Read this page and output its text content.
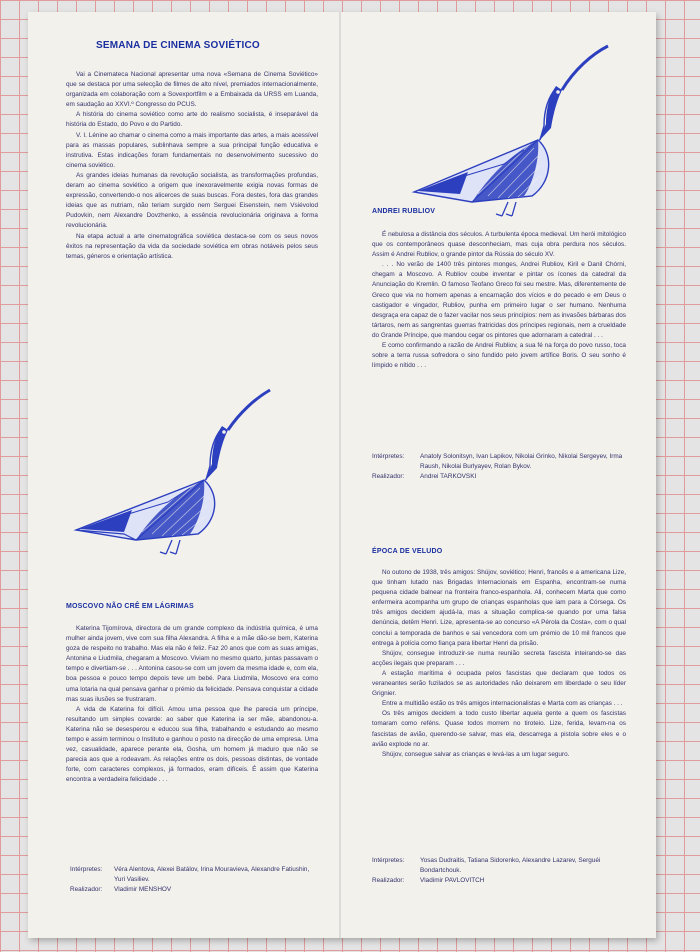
SEMANA DE CINEMA SOVIÉTICO

Vai a Cinemateca Nacional apresentar uma nova «Semana de Cinema Soviético» que se destaca por uma selecção de filmes de alto nível, premiados internacionalmente, organizada em colaboração com a Sovexportfilm e a Embaixada da URSS em Luanda, em saudação ao XXVI.º Congresso do PCUS.

A história do cinema soviético como arte do realismo socialista, é inseparável da história do Estado, do Povo e do Partido.

V. I. Lénine ao chamar o cinema como a mais importante das artes, a mais acessível para as massas populares, sublinhava sempre a sua principal função educativa e instrutiva. Estas indicações foram fundamentais no desenvolvimento sucessivo do cinema soviético.

As grandes ideias humanas da revolução socialista, as transformações profundas, deram ao cinema soviético a origem que inexoravelmente exigia novas formas de expressão, convertendo-o nos alicerces de suas buscas. Fora destes, fora das grandes ideias que as nutriam, não teriam surgido nem Serguei Eisenstein, nem Vsiévolod Pudovkin, nem Alexandre Dovzhenko, a essência revolucionária originava a forma revolucionária.

Na etapa actual a arte cinematográfica soviética destaca-se com os seus novos êxitos na representação da vida da sociedade soviética em obras notáveis pelos seus temas, géneros e orientação artística.

MOSCOVO NÃO CRÊ EM LÁGRIMAS

Katerina Tijomírova, directora de um grande complexo da indústria química, é uma mulher ainda jovem, vive com sua filha Alexandra. A filha e a mãe dão-se bem, Katerina goza de respeito no trabalho. Mas ela não é feliz. Faz 20 anos que com as suas amigas, Antonina e Liudmila, chegaram a Moscovo. Viviam no mesmo quarto, juntas passavam o tempo e divertiam-se . . . Antonina casou-se com um jovem da mesma idade e, com ela, boa pessoa e pouco tempo depois teve um bebé. Para Liudmila, Moscovo era como uma lotaria na qual pensava ganhar o prémio da felicidade. Pensava conquistar a cidade mas suas ilusões se frustraram.

A vida de Katerina foi difícil. Amou uma pessoa que lhe parecia um príncipe, resultando um simples covarde: ao saber que Katerina ia ser mãe, abandonou-a. Katerina não se desesperou e educou sua filha, trabalhando e estudando ao mesmo tempo e assim terminou o Instituto e ganhou o posto na direcção de uma empresa. Uma vez, casualidade, aparece perante ela, Gosha, um homem já maduro que não se parecia aos que a rodeavam. As relações entre os dois, pessoas distintas, de vontade forte, com caracteres complexos, já formados, eram difíceis. É assim que Katerina encontra a verdadeira felicidade . . .

Intérpretes:	Véra Alentova, Alexei Batálov, Irina Mouravieva, Alexandre Fatiushin, Yuri Vasiliev.
Realizador:	Vladimir MENSHOV
ANDREI RUBLIOV

É nebulosa a distância dos séculos. A turbulenta época medieval. Um herói mitológico que os contemporâneos quase desconheciam, mas cuja obra perdura nos séculos. Assim é Andrei Rubliov, o grande pintor da Rússia do século XV.

. . . No verão de 1400 três pintores monges, Andrei Rubliov, Kiril e Danil Chórni, chegam a Moscovo. A Rubliov coube inventar e pintar os ícones da catedral da Anunciação do Kremlin. O famoso Teofano Greco foi seu mestre. Mas, diferentemente de Greco que via no homem apenas a encarnação dos vícios e do pecado e em Deus o castigador e vingador, Rubliov, punha em primeiro lugar o ser humano. Nenhuma desgraça era capaz de o fazer vacilar nos seus princípios: nem as invasões bárbaras dos tártaros, nem as sangrentas guerras fratricidas dos príncipes regionais, nem a crueldade do Grande Príncipe, que mandou cegar os pintores que adornaram a catedral . . .

E como confirmando a razão de Andrei Rubliov, a sua fé na força do povo russo, toca sobre a terra russa sofredora o sino fundido pelo jovem artífice Boris. O seu sonho é límpido e nítido . . .

Intérpretes:	Anatoly Solonitsyn, Ivan Lapikov, Nikolai Grinko, Nikolai Sergeyev, Irma Raush, Nikolai Burlyayev, Rolan Bykov.
Realizador:	Andrei TARKOVSKI
ÉPOCA DE VELUDO

No outono de 1938, três amigos: Shújov, soviético; Henri, francês e a americana Lize, que tinham lutado nas Brigadas Internacionais em Espanha, encontram-se numa pequena cidade balnear na fronteira franco-espanhola. Ali, conhecem Marta que como enfermeira acompanha um grupo de crianças espanholas que iam para a Córsega. Os três amigos decidem ajudá-la, mas a situação complica-se quando por uma falsa denúncia, detêm Henri. Lize, apresenta-se ao concurso «A Pérola da Costa», com o qual conclui a temporada de banhos e sai vencedora com um prémio de 10 mil francos que entrega à polícia como fiança para libertar Henri da prisão.

Shújov, consegue introduzir-se numa reunião secreta fascista inteirando-se das acções ilegais que preparam . . .

A estação marítima é ocupada pelos fascistas que declaram que todos os veraneantes serão fuzilados se as autoridades não deixarem em liberdade o seu líder Grignier.

Entre a multidão estão os três amigos internacionalistas e Marta com as crianças . . .

Os três amigos decidem a todo custo libertar aquela gente a quem os fascistas tomaram como reféns. Quase todos morrem no tiroteio. Lize, ferida, levam-na os fascistas de avião, querendo-se salvar, mas ela, descarrega a pistola sobre eles e o avião explode no ar.

Shújov, consegue salvar as crianças e levá-las a um lugar seguro.

Intérpretes:	Yosas Dudraitis, Tatiana Sidorenko, Alexandre Lazarev, Serguéi Bondartchouk.
Realizador:	Vladimir PAVLOVITCH
